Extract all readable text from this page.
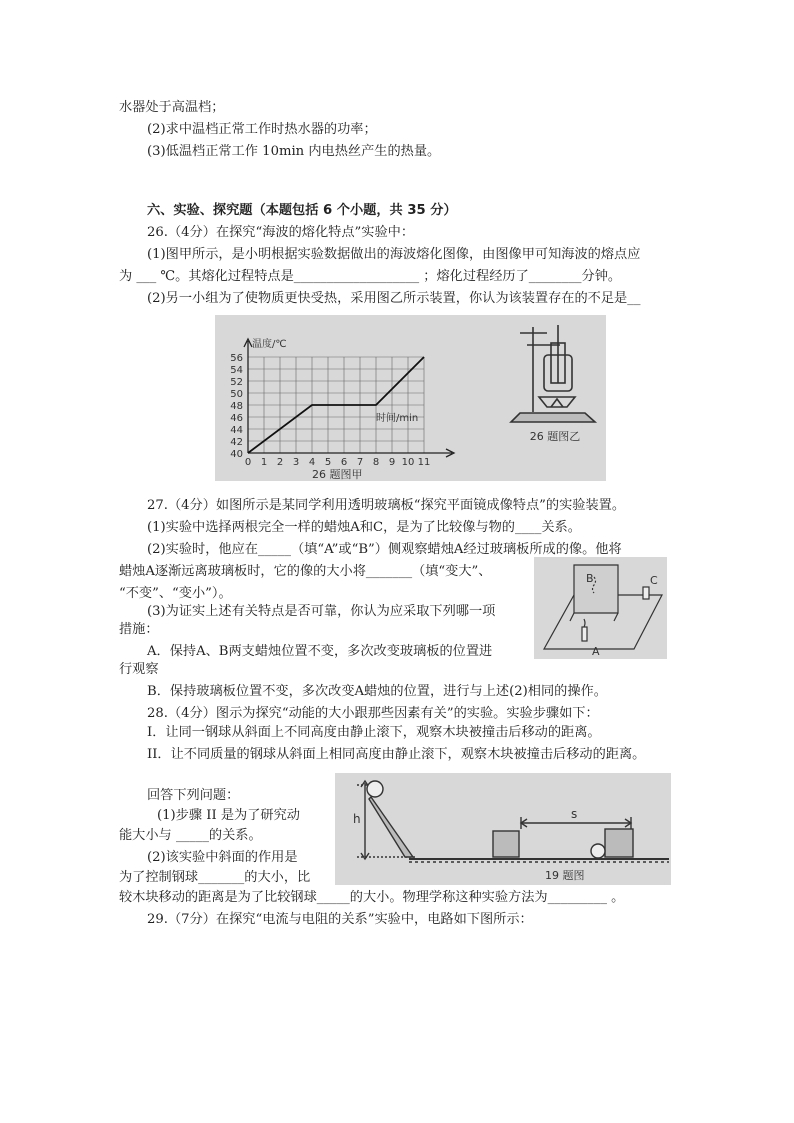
水器处于高温档；
(2)求中温档正常工作时热水器的功率；
(3)低温档正常工作 10min 内电热丝产生的热量。
六、实验、探究题（本题包括 6 个小题，共 35 分）
26.（4分）在探究“海波的熔化特点”实验中：
(1)图甲所示，是小明根据实验数据做出的海波熔化图像，由图像甲可知海波的熔点应
为 ___ ℃。其熔化过程特点是___________________ ；熔化过程经历了________分钟。
(2)另一小组为了使物质更快受热，采用图乙所示装置，你认为该装置存在的不足是__
40
42
44
46
48
50
52
54
56
0 1 2 3 4 5 6 7 8 9 10 11
温度/℃
时间/min
26 题图甲
26 题图乙
27.（4分）如图所示是某同学利用透明玻璃板“探究平面镜成像特点”的实验装置。
(1)实验中选择两根完全一样的蜡烛A和C，是为了比较像与物的____关系。
(2)实验时，他应在_____（填“A”或“B”）侧观察蜡烛A经过玻璃板所成的像。他将
蜡烛A逐渐远离玻璃板时，它的像的大小将_______（填“变大”、
“不变”、“变小”）。
(3)为证实上述有关特点是否可靠，你认为应采取下列哪一项
措施：
A．保持A、B两支蜡烛位置不变，多次改变玻璃板的位置进
行观察
B．保持玻璃板位置不变，多次改变A蜡烛的位置，进行与上述(2)相同的操作。
B	C
A
28.（4分）图示为探究“动能的大小跟那些因素有关”的实验。实验步骤如下：
I．让同一钢球从斜面上不同高度由静止滚下，观察木块被撞击后移动的距离。
II．让不同质量的钢球从斜面上相同高度由静止滚下，观察木块被撞击后移动的距离。
回答下列问题：
(1)步骤 II 是为了研究动
能大小与 _____的关系。
(2)该实验中斜面的作用是
为了控制钢球_______的大小，比
较木块移动的距离是为了比较钢球_____的大小。物理学称这种实验方法为_________ 。
29.（7分）在探究“电流与电阻的关系”实验中，电路如下图所示：
h	s
19 题图
